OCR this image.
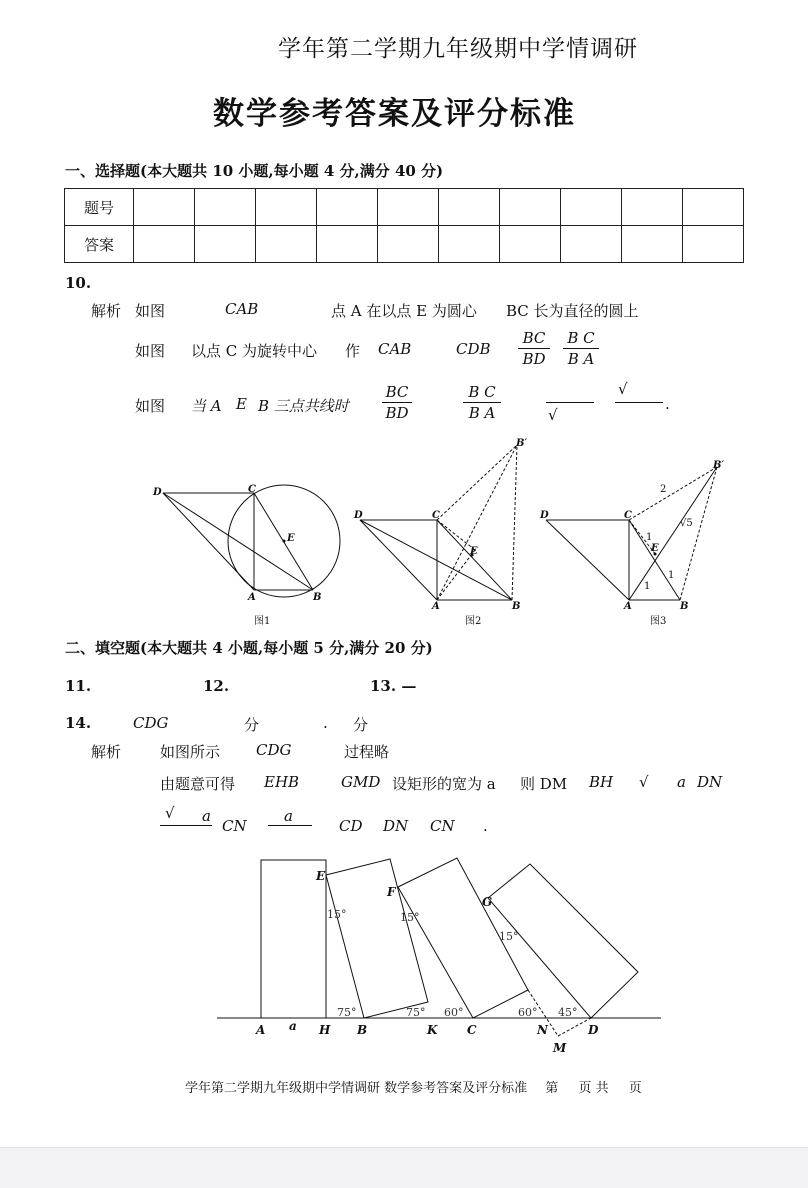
学年第二学期九年级期中学情调研
数学参考答案及评分标准
一、选择题(本大题共 10 小题,每小题 4 分,满分 40 分)
题号										
答案										
10.
解析 如图	CAB	点 A 在以点 E 为圆心 BC 长为直径的圆上
如图 以点 C 为旋转中心 作 CAB	CDB $\frac{BC}{BD} \frac{\text{B C}}{\text{B A}}$
如图 当 A E B 三点共线时 $\frac{BC}{BD}$	$\frac{\text{B C}}{\text{B A}}$	√
√
.
D	C
E
A	B
D	C
E
A	B
B′
D	C
E
A	B
B′
2
1
1
1
√5
图1	图2	图3
二、填空题(本大题共 4 小题,每小题 5 分,满分 20 分)
11.	12.	13. —
14.	CDG	分	. 分
解析	如图所示 CDG	过程略
由题意可得 EHB	GMD 设矩形的宽为 a 则 DM BH √ a DN
√ a
CN
a
CD DN CN .
E
F
G
A a H B	K C	N	D
M
15°	15°
15°
75°	75° 60°	60° 45°
学年第二学期九年级期中学情调研 数学参考答案及评分标准 第 页 共 页
